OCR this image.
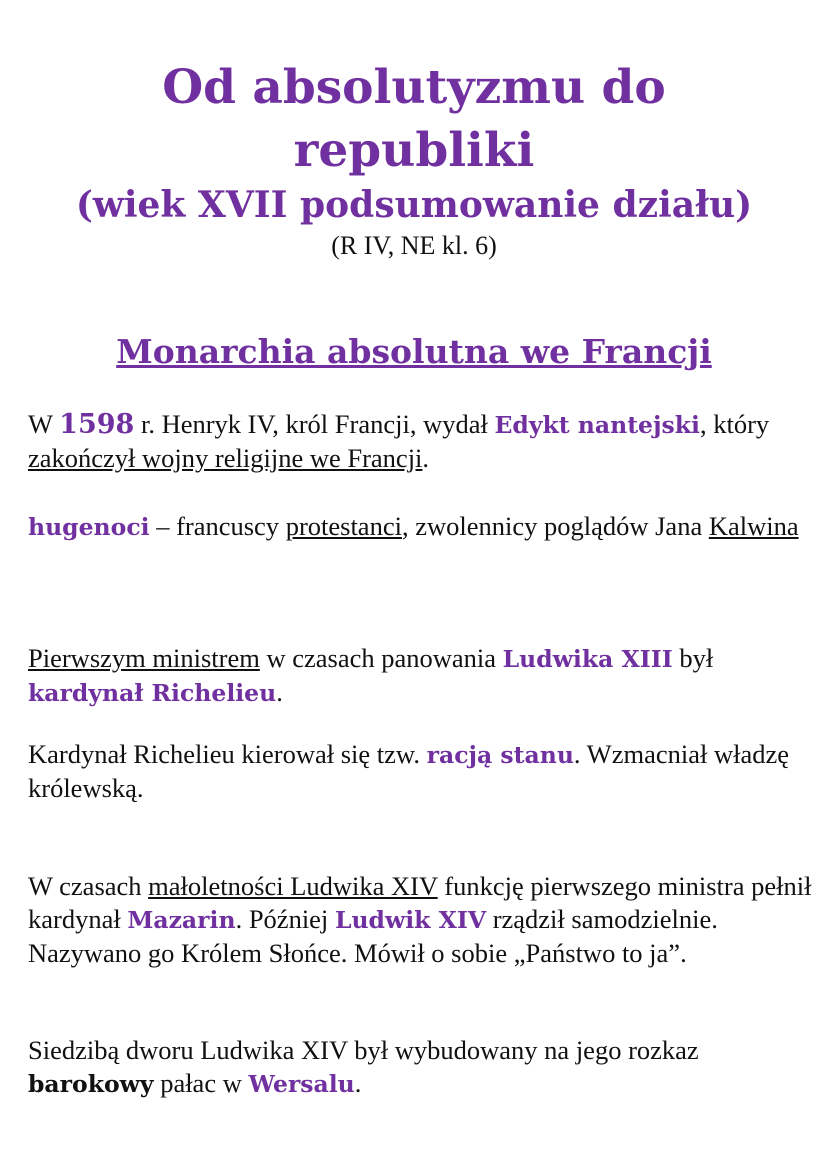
Od absolutyzmu do
republiki
(wiek XVII podsumowanie działu)
(R IV, NE kl. 6)
Monarchia absolutna we Francji
W 1598 r. Henryk IV, król Francji, wydał Edykt nantejski, który zakończył wojny religijne we Francji.
hugenoci – francuscy protestanci, zwolennicy poglądów Jana Kalwina
Pierwszym ministrem w czasach panowania Ludwika XIII był kardynał Richelieu.
Kardynał Richelieu kierował się tzw. racją stanu. Wzmacniał władzę królewską.
W czasach małoletności Ludwika XIV funkcję pierwszego ministra pełnił kardynał Mazarin. Później Ludwik XIV rządził samodzielnie. Nazywano go Królem Słońce. Mówił o sobie „Państwo to ja”.
Siedzibą dworu Ludwika XIV był wybudowany na jego rozkaz barokowy pałac w Wersalu.
